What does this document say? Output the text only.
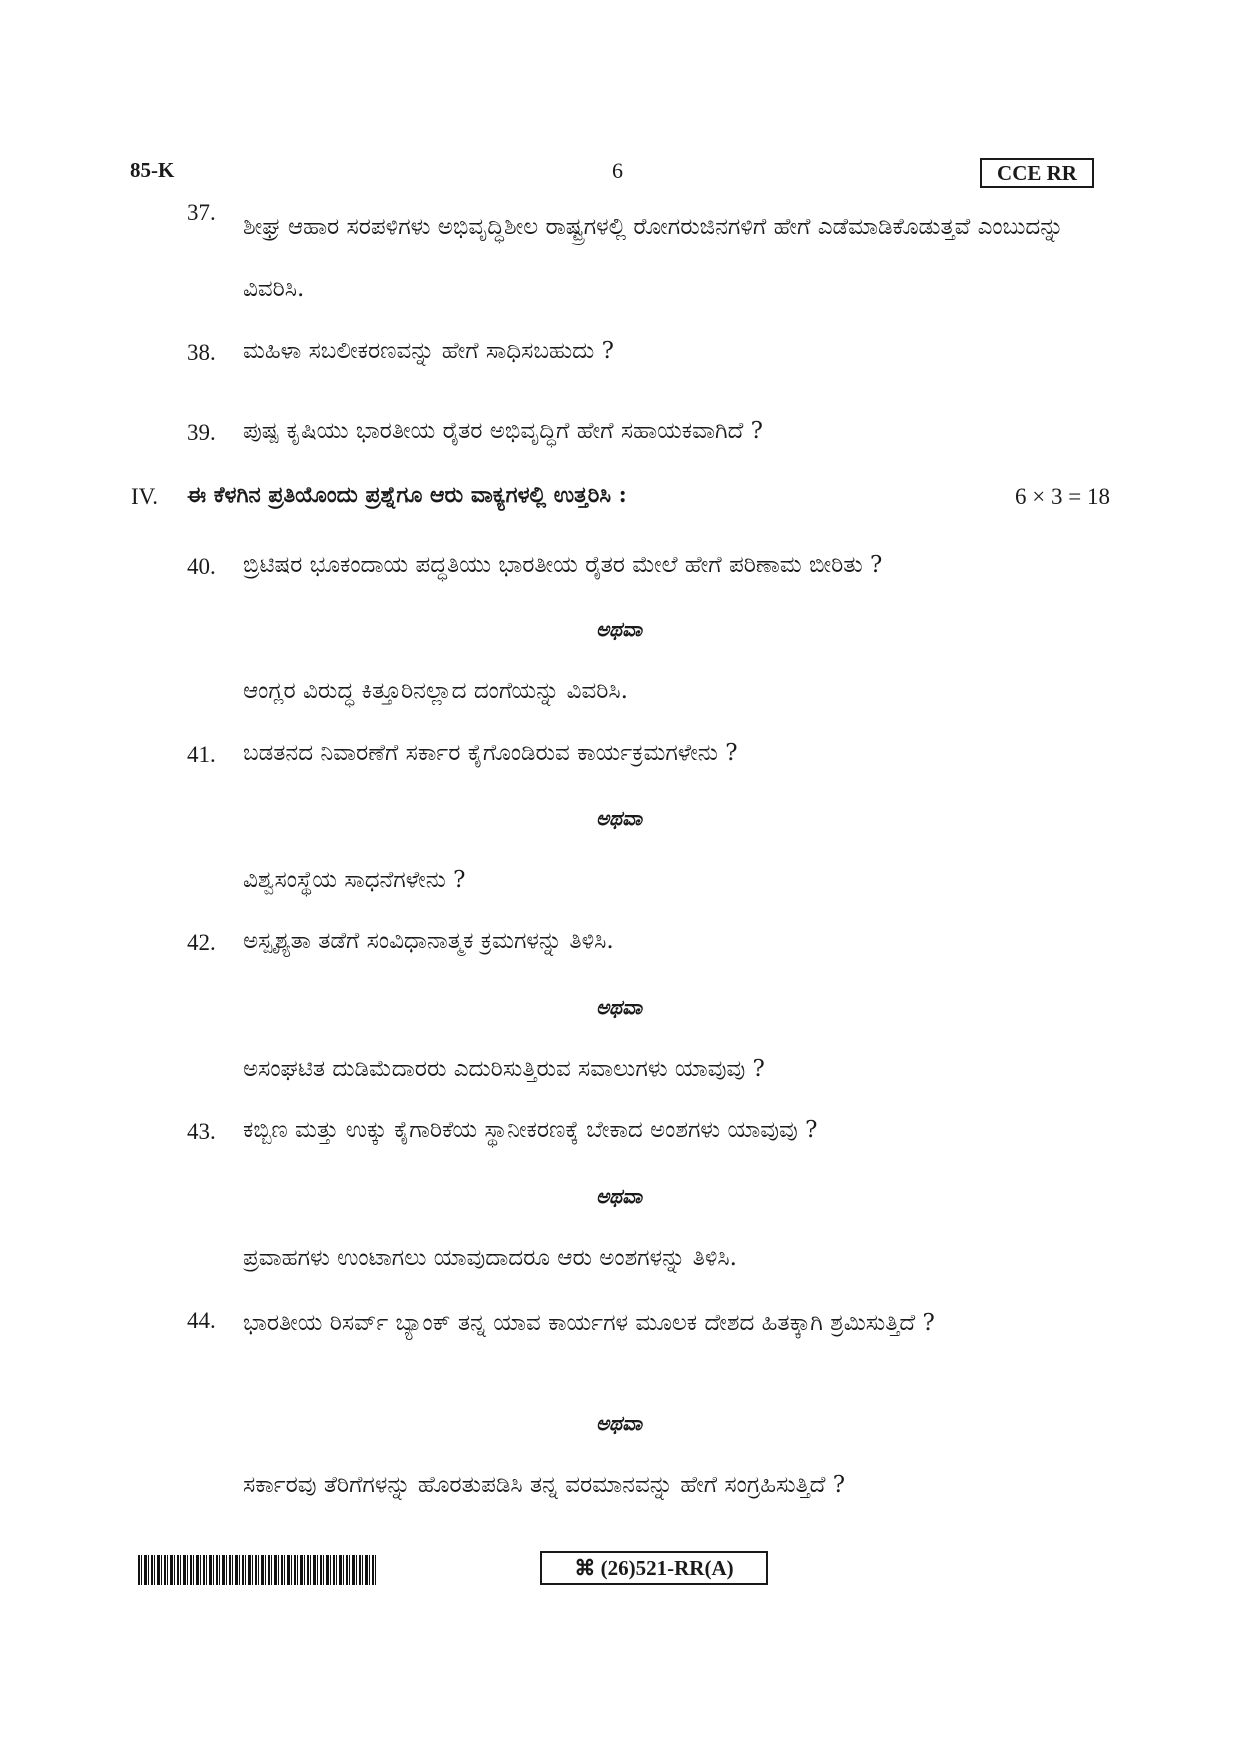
85-K	6	CCE RR
37.
ಶೀಘ್ರ ಆಹಾರ ಸರಪಳಿಗಳು ಅಭಿವೃದ್ಧಿಶೀಲ ರಾಷ್ಟ್ರಗಳಲ್ಲಿ ರೋಗರುಜಿನಗಳಿಗೆ ಹೇಗೆ ಎಡೆಮಾಡಿಕೊಡುತ್ತವೆ ಎಂಬುದನ್ನು ವಿವರಿಸಿ.
38. ಮಹಿಳಾ ಸಬಲೀಕರಣವನ್ನು ಹೇಗೆ ಸಾಧಿಸಬಹುದು ?
39. ಪುಷ್ಪ ಕೃಷಿಯು ಭಾರತೀಯ ರೈತರ ಅಭಿವೃದ್ಧಿಗೆ ಹೇಗೆ ಸಹಾಯಕವಾಗಿದೆ ?
IV. ಈ ಕೆಳಗಿನ ಪ್ರತಿಯೊಂದು ಪ್ರಶ್ನೆಗೂ ಆರು ವಾಕ್ಯಗಳಲ್ಲಿ ಉತ್ತರಿಸಿ :	6 × 3 = 18
40. ಬ್ರಿಟಿಷರ ಭೂಕಂದಾಯ ಪದ್ಧತಿಯು ಭಾರತೀಯ ರೈತರ ಮೇಲೆ ಹೇಗೆ ಪರಿಣಾಮ ಬೀರಿತು ?
ಅಥವಾ
ಆಂಗ್ಲರ ವಿರುದ್ಧ ಕಿತ್ತೂರಿನಲ್ಲಾದ ದಂಗೆಯನ್ನು ವಿವರಿಸಿ.
41. ಬಡತನದ ನಿವಾರಣೆಗೆ ಸರ್ಕಾರ ಕೈಗೊಂಡಿರುವ ಕಾರ್ಯಕ್ರಮಗಳೇನು ?
ಅಥವಾ
ವಿಶ್ವಸಂಸ್ಥೆಯ ಸಾಧನೆಗಳೇನು ?
42. ಅಸ್ಪೃಶ್ಯತಾ ತಡೆಗೆ ಸಂವಿಧಾನಾತ್ಮಕ ಕ್ರಮಗಳನ್ನು ತಿಳಿಸಿ.
ಅಥವಾ
ಅಸಂಘಟಿತ ದುಡಿಮೆದಾರರು ಎದುರಿಸುತ್ತಿರುವ ಸವಾಲುಗಳು ಯಾವುವು ?
43. ಕಬ್ಬಿಣ ಮತ್ತು ಉಕ್ಕು ಕೈಗಾರಿಕೆಯ ಸ್ಥಾನೀಕರಣಕ್ಕೆ ಬೇಕಾದ ಅಂಶಗಳು ಯಾವುವು ?
ಅಥವಾ
ಪ್ರವಾಹಗಳು ಉಂಟಾಗಲು ಯಾವುದಾದರೂ ಆರು ಅಂಶಗಳನ್ನು ತಿಳಿಸಿ.
44. ಭಾರತೀಯ ರಿಸರ್ವ್ ಬ್ಯಾಂಕ್ ತನ್ನ ಯಾವ ಕಾರ್ಯಗಳ ಮೂಲಕ ದೇಶದ ಹಿತಕ್ಕಾಗಿ ಶ್ರಮಿಸುತ್ತಿದೆ ?
ಅಥವಾ
ಸರ್ಕಾರವು ತೆರಿಗೆಗಳನ್ನು ಹೊರತುಪಡಿಸಿ ತನ್ನ ವರಮಾನವನ್ನು ಹೇಗೆ ಸಂಗ್ರಹಿಸುತ್ತಿದೆ ?
⌘ (26)521-RR(A)
